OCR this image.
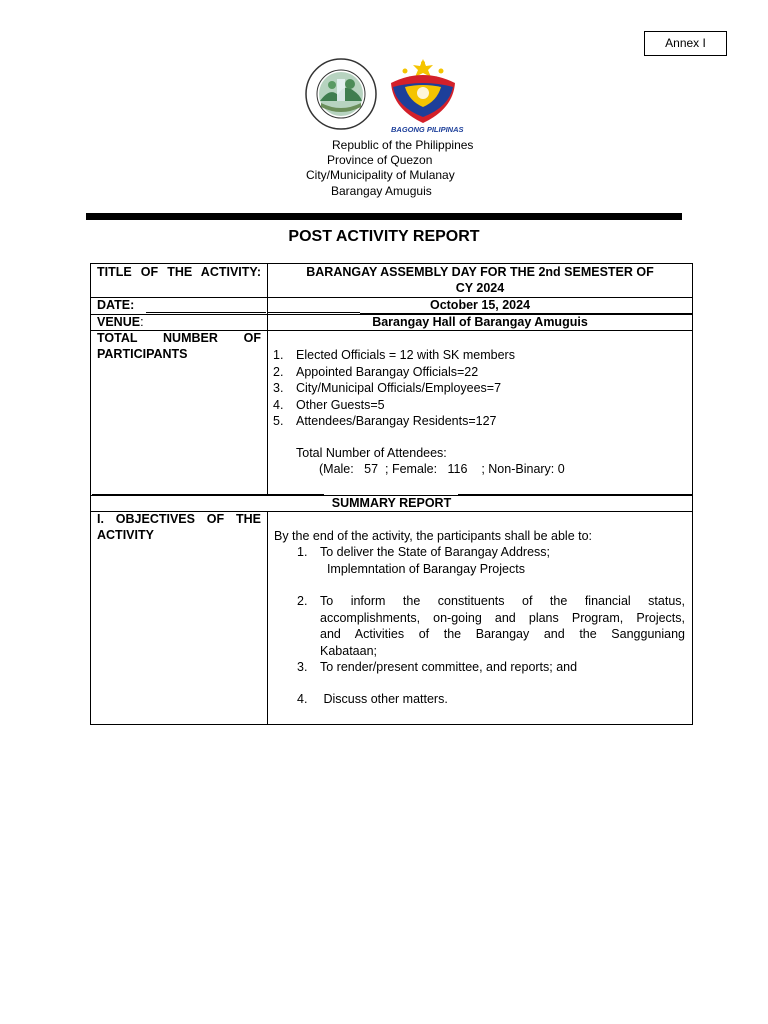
Annex I
BAGONG PILIPINAS
Republic of the Philippines
Province of Quezon
City/Municipality of Mulanay
Barangay Amuguis
POST ACTIVITY REPORT
TITLE OF THE ACTIVITY:	BARANGAY ASSEMBLY DAY FOR THE 2nd SEMESTER OF
CY 2024
DATE:	October 15, 2024
VENUE:	Barangay Hall of Barangay Amuguis
TOTAL NUMBER OF
PARTICIPANTS	1. Elected Officials = 12 with SK members
2. Appointed Barangay Officials=22
3. City/Municipal Officials/Employees=7
4. Other Guests=5
5. Attendees/Barangay Residents=127
Total Number of Attendees:
(Male:   57  ; Female:   116    ; Non-Binary: 0
SUMMARY REPORT
I. OBJECTIVES OF THE
ACTIVITY	By the end of the activity, the participants shall be able to:
1. To deliver the State of Barangay Address;
Implemntation of Barangay Projects
2. To inform the constituents of the financial status,
accomplishments, on-going and plans Program, Projects,
and Activities of the Barangay and the Sangguniang
Kabataan;
3. To render/present committee, and reports; and
4. Discuss other matters.
